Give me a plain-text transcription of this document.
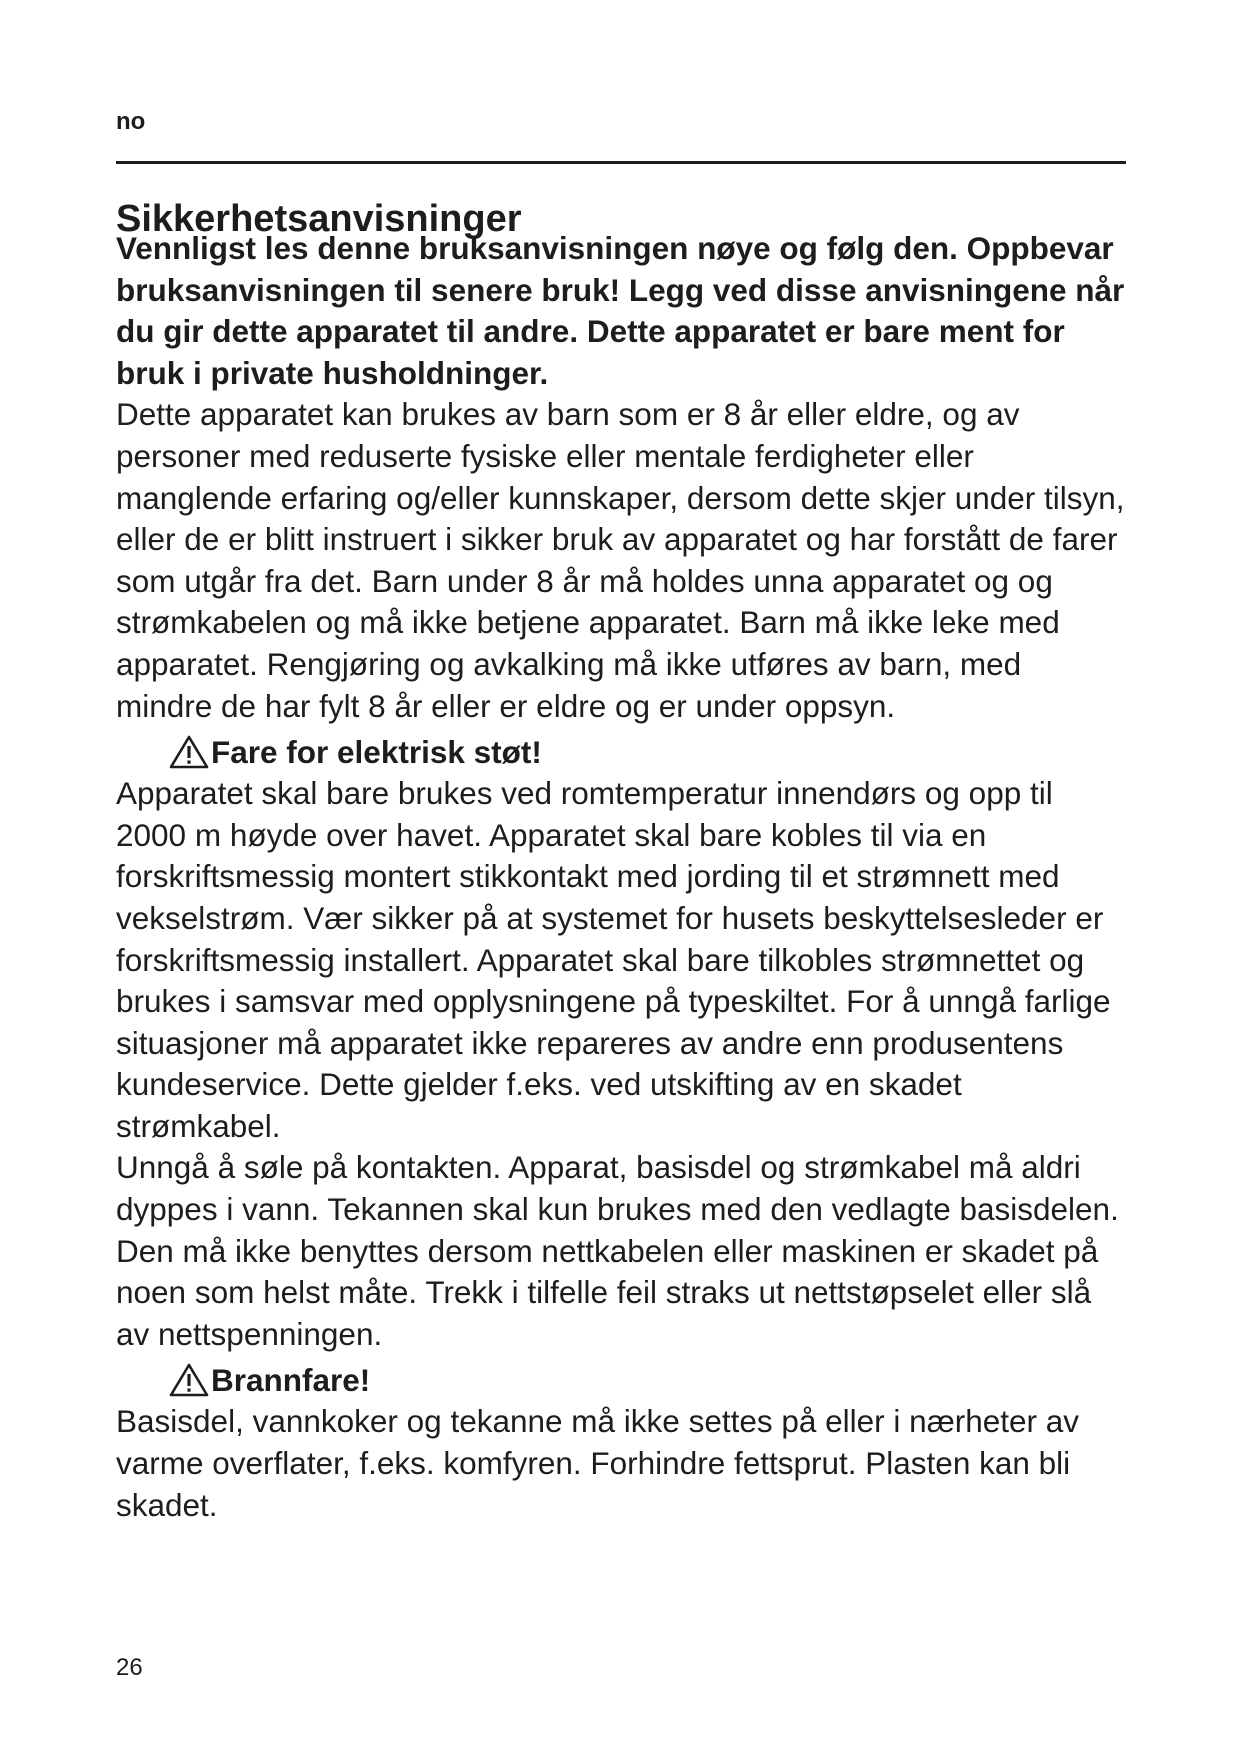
no
Sikkerhetsanvisninger

Vennligst les denne bruksanvisningen nøye og følg den. Oppbevar bruksanvisningen til senere bruk! Legg ved disse anvisningene når du gir dette apparatet til andre. Dette apparatet er bare ment for bruk i private husholdninger.

Dette apparatet kan brukes av barn som er 8 år eller eldre, og av personer med reduserte fysiske eller mentale ferdigheter eller manglende erfaring og/eller kunnskaper, dersom dette skjer under tilsyn, eller de er blitt instruert i sikker bruk av apparatet og har forstått de farer som utgår fra det. Barn under 8 år må holdes unna apparatet og og strømkabelen og må ikke betjene apparatet. Barn må ikke leke med apparatet. Rengjøring og avkalking må ikke utføres av barn, med mindre de har fylt 8 år eller er eldre og er under oppsyn.

Fare for elektrisk støt!

Apparatet skal bare brukes ved romtemperatur innendørs og opp til 2000 m høyde over havet. Apparatet skal bare kobles til via en forskriftsmessig montert stikkontakt med jording til et strømnett med vekselstrøm. Vær sikker på at systemet for husets beskyttelsesleder er forskriftsmessig installert. Apparatet skal bare tilkobles strømnettet og brukes i samsvar med opplysningene på typeskiltet. For å unngå farlige situasjoner må apparatet ikke repareres av andre enn produsentens kundeservice. Dette gjelder f.eks. ved utskifting av en skadet strømkabel.

Unngå å søle på kontakten. Apparat, basisdel og strømkabel må aldri dyppes i vann. Tekannen skal kun brukes med den vedlagte basisdelen.

Den må ikke benyttes dersom nettkabelen eller maskinen er skadet på noen som helst måte. Trekk i tilfelle feil straks ut nettstøpselet eller slå av nettspenningen.

Brannfare!

Basisdel, vannkoker og tekanne må ikke settes på eller i nærheter av varme overflater, f.eks. komfyren. Forhindre fettsprut. Plasten kan bli skadet.

26
